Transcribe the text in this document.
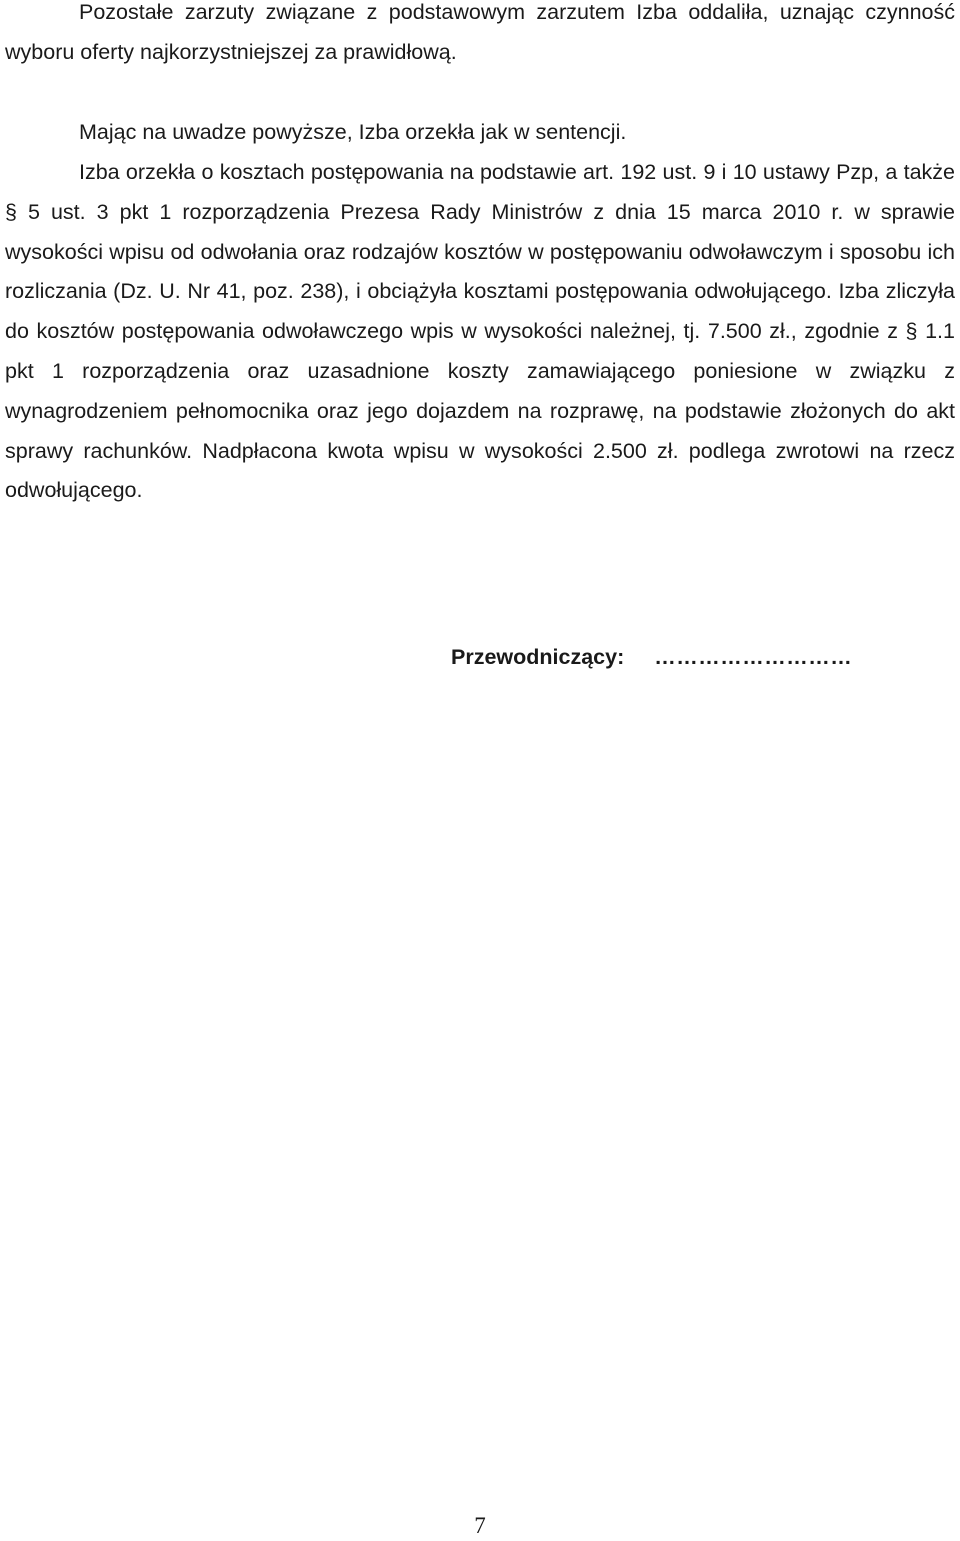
Pozostałe zarzuty związane z podstawowym zarzutem Izba oddaliła, uznając czynność wyboru oferty najkorzystniejszej za prawidłową.

Mając na uwadze powyższe, Izba orzekła jak w sentencji.

Izba orzekła o kosztach postępowania na podstawie art. 192 ust. 9 i 10 ustawy Pzp, a także § 5 ust. 3 pkt 1 rozporządzenia Prezesa Rady Ministrów z dnia 15 marca 2010 r. w sprawie wysokości wpisu od odwołania oraz rodzajów kosztów w postępowaniu odwoławczym i sposobu ich rozliczania (Dz. U. Nr 41, poz. 238), i obciążyła kosztami postępowania odwołującego. Izba zliczyła do kosztów postępowania odwoławczego wpis w wysokości należnej, tj. 7.500 zł., zgodnie z § 1.1 pkt 1 rozporządzenia oraz uzasadnione koszty zamawiającego poniesione w związku z wynagrodzeniem pełnomocnika oraz jego dojazdem na rozprawę, na podstawie złożonych do akt sprawy rachunków. Nadpłacona kwota wpisu w wysokości 2.500 zł. podlega zwrotowi na rzecz odwołującego.

Przewodniczący: ………………………
7
